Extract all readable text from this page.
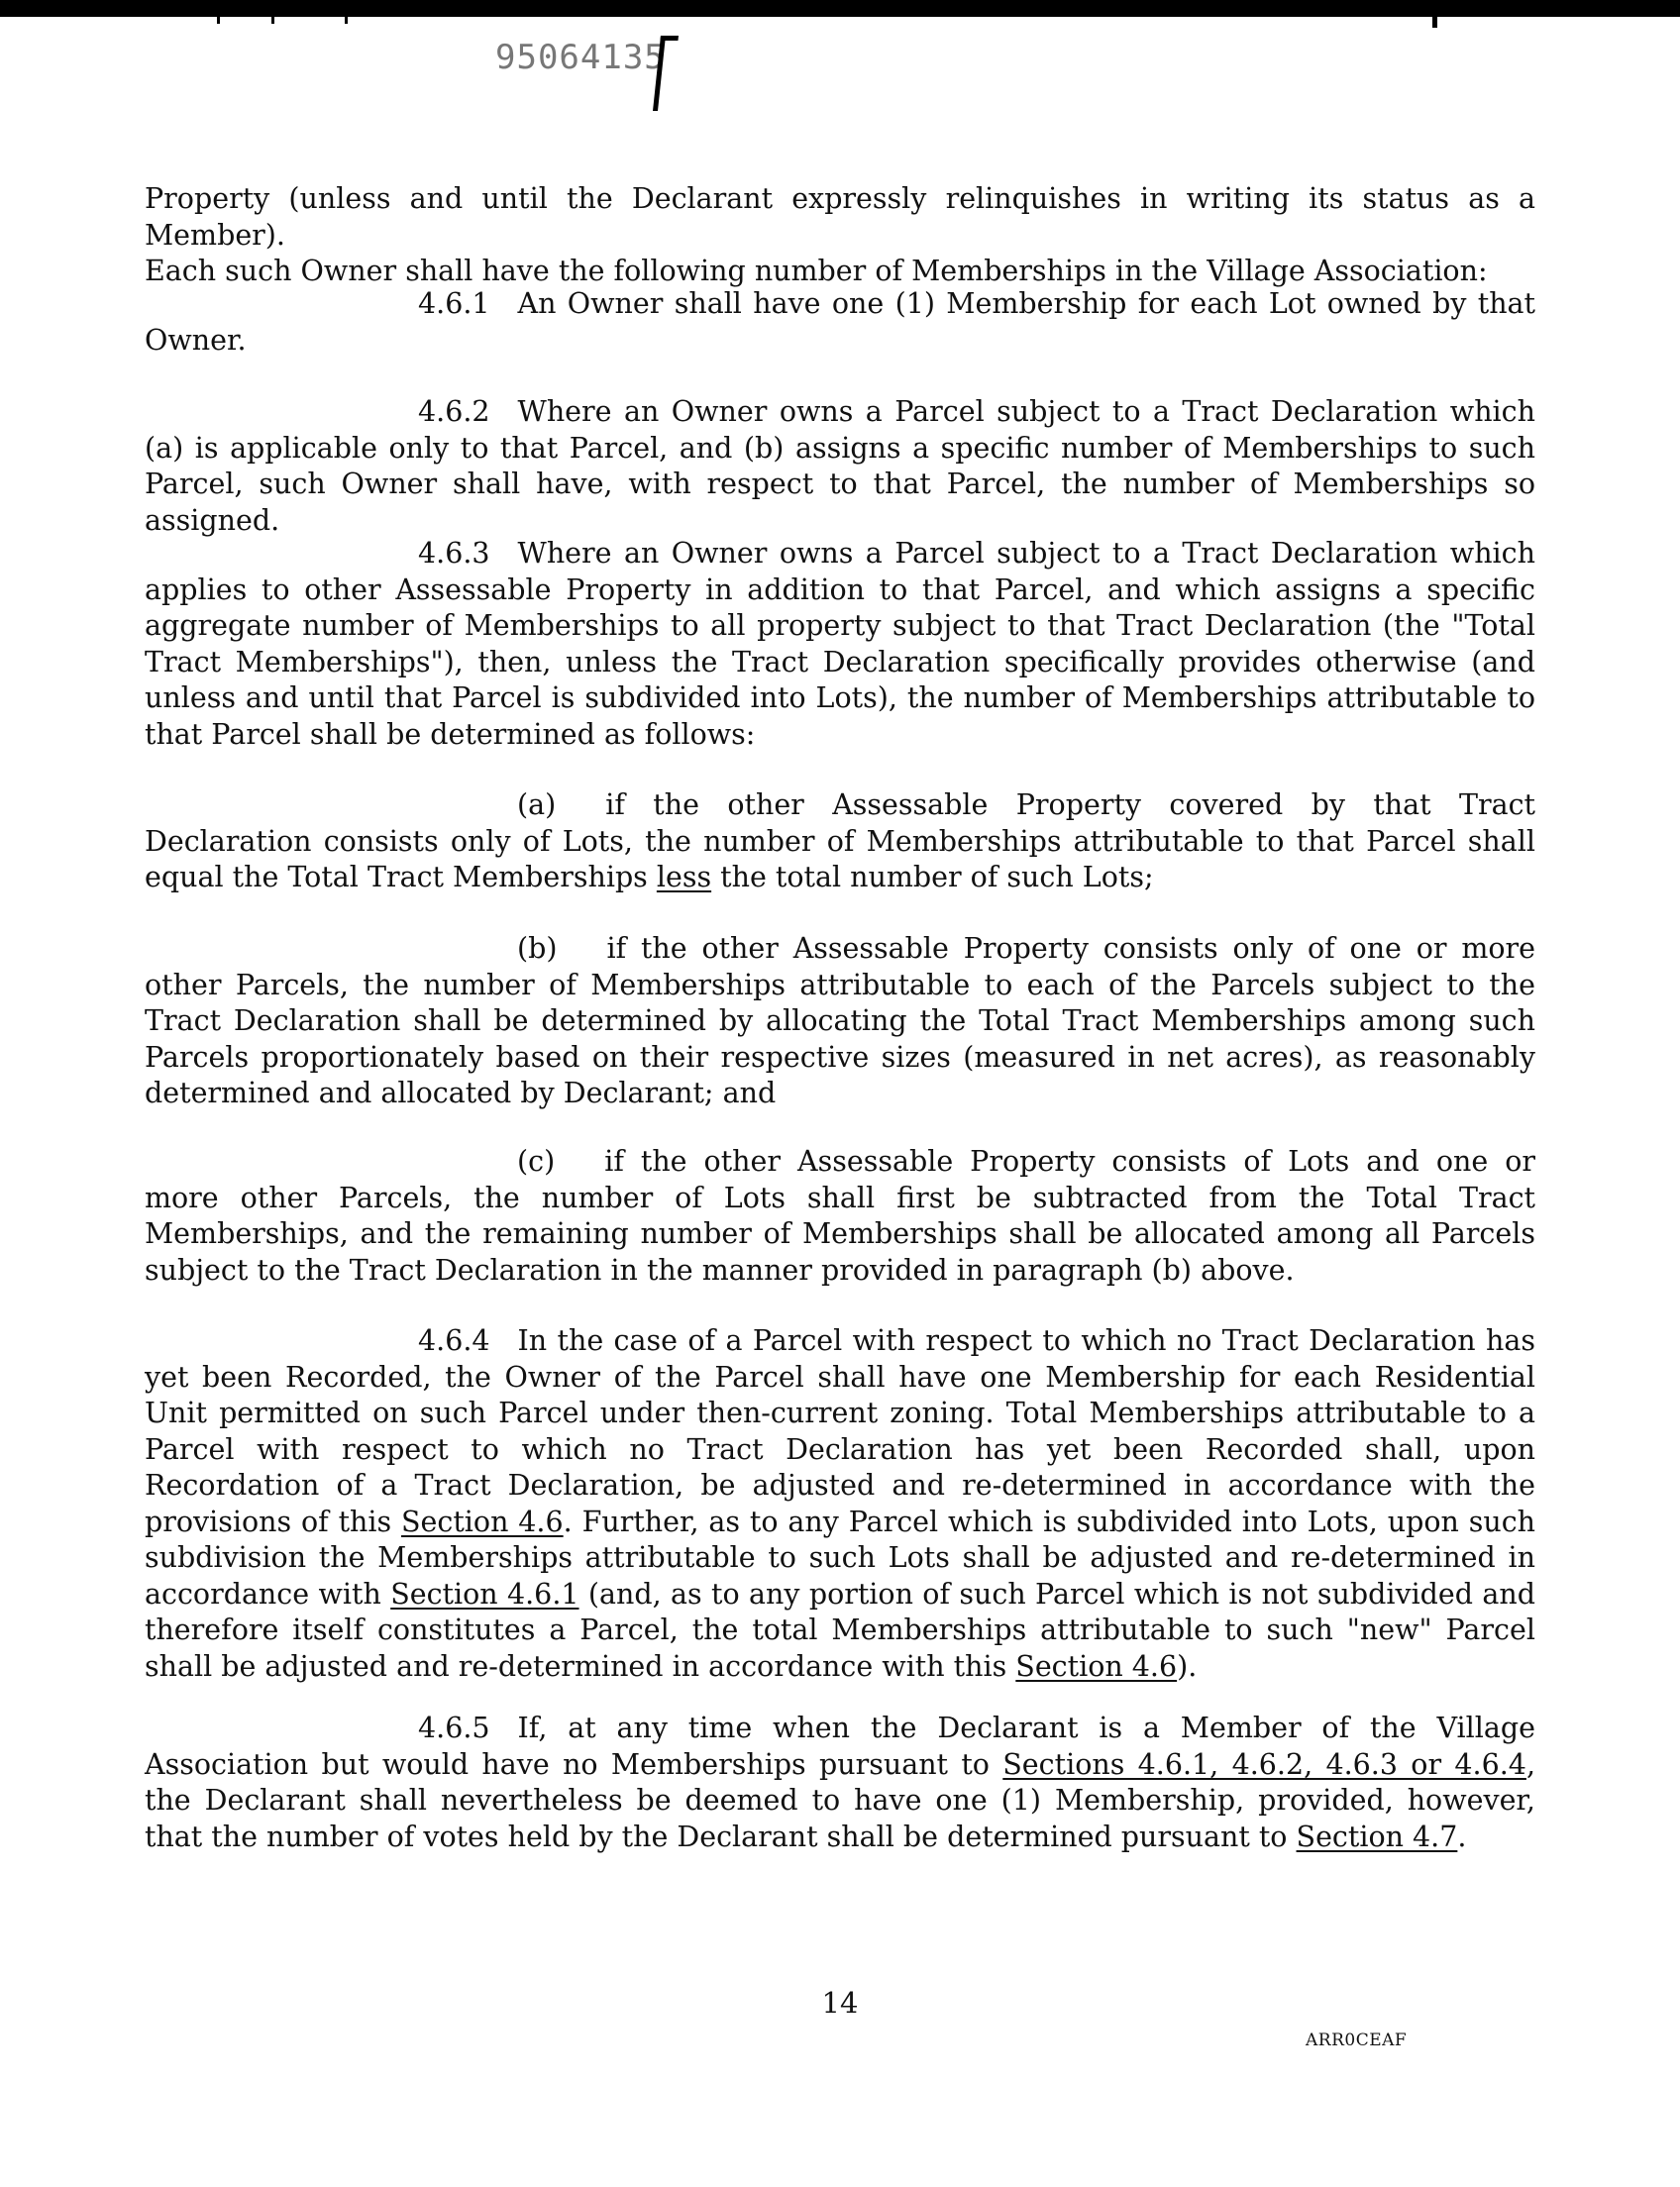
95064135

Property (unless and until the Declarant expressly relinquishes in writing its status as a Member).

Each such Owner shall have the following number of Memberships in the Village Association:

4.6.1 An Owner shall have one (1) Membership for each Lot owned by that Owner.

4.6.2 Where an Owner owns a Parcel subject to a Tract Declaration which (a) is applicable only to that Parcel, and (b) assigns a specific number of Memberships to such Parcel, such Owner shall have, with respect to that Parcel, the number of Memberships so assigned.

4.6.3 Where an Owner owns a Parcel subject to a Tract Declaration which applies to other Assessable Property in addition to that Parcel, and which assigns a specific aggregate number of Memberships to all property subject to that Tract Declaration (the "Total Tract Memberships"), then, unless the Tract Declaration specifically provides otherwise (and unless and until that Parcel is subdivided into Lots), the number of Memberships attributable to that Parcel shall be determined as follows:

(a) if the other Assessable Property covered by that Tract Declaration consists only of Lots, the number of Memberships attributable to that Parcel shall equal the Total Tract Memberships less the total number of such Lots;

(b) if the other Assessable Property consists only of one or more other Parcels, the number of Memberships attributable to each of the Parcels subject to the Tract Declaration shall be determined by allocating the Total Tract Memberships among such Parcels proportionately based on their respective sizes (measured in net acres), as reasonably determined and allocated by Declarant; and

(c) if the other Assessable Property consists of Lots and one or more other Parcels, the number of Lots shall first be subtracted from the Total Tract Memberships, and the remaining number of Memberships shall be allocated among all Parcels subject to the Tract Declaration in the manner provided in paragraph (b) above.

4.6.4 In the case of a Parcel with respect to which no Tract Declaration has yet been Recorded, the Owner of the Parcel shall have one Membership for each Residential Unit permitted on such Parcel under then-current zoning. Total Memberships attributable to a Parcel with respect to which no Tract Declaration has yet been Recorded shall, upon Recordation of a Tract Declaration, be adjusted and re-determined in accordance with the provisions of this Section 4.6. Further, as to any Parcel which is subdivided into Lots, upon such subdivision the Memberships attributable to such Lots shall be adjusted and re-determined in accordance with Section 4.6.1 (and, as to any portion of such Parcel which is not subdivided and therefore itself constitutes a Parcel, the total Memberships attributable to such "new" Parcel shall be adjusted and re-determined in accordance with this Section 4.6).

4.6.5 If, at any time when the Declarant is a Member of the Village Association but would have no Memberships pursuant to Sections 4.6.1, 4.6.2, 4.6.3 or 4.6.4, the Declarant shall nevertheless be deemed to have one (1) Membership, provided, however, that the number of votes held by the Declarant shall be determined pursuant to Section 4.7.

14
ARR0CEAF
